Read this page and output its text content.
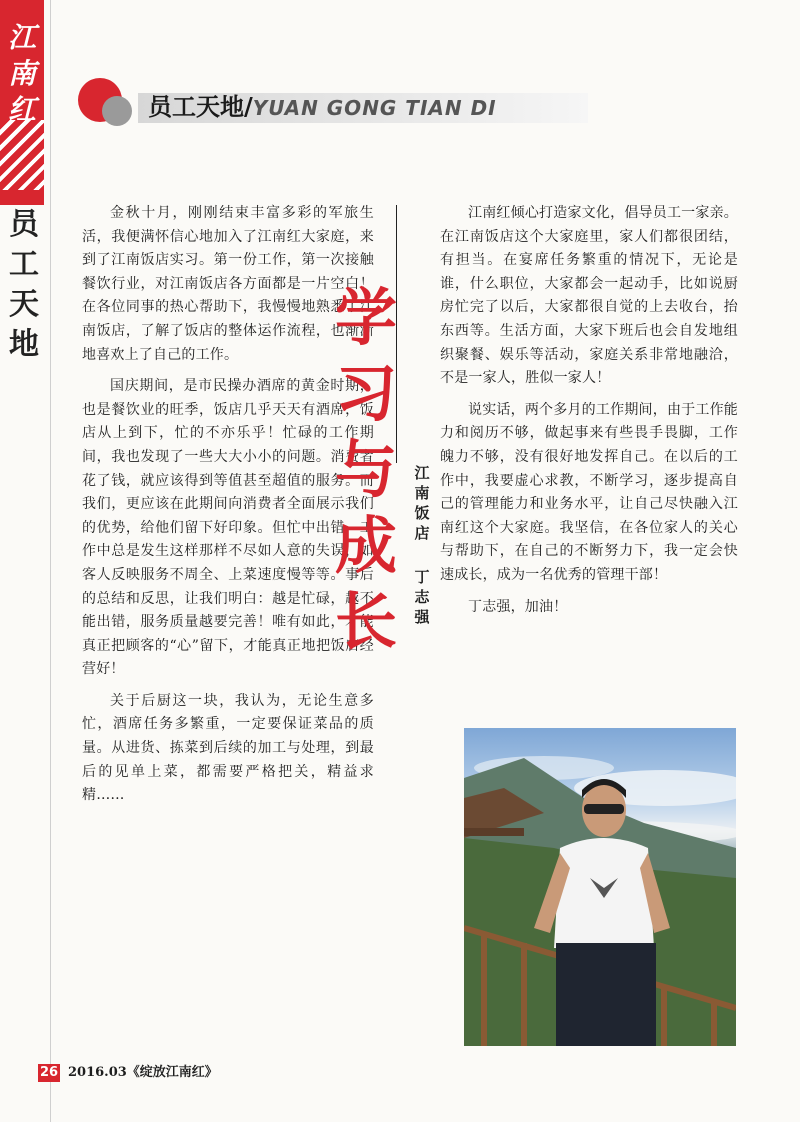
江
南
红
员
工
天
地
员工天地/YUAN GONG TIAN DI

金秋十月，刚刚结束丰富多彩的军旅生活，我便满怀信心地加入了江南红大家庭，来到了江南饭店实习。第一份工作，第一次接触餐饮行业，对江南饭店各方面都是一片空白！在各位同事的热心帮助下，我慢慢地熟悉了江南饭店，了解了饭店的整体运作流程，也渐渐地喜欢上了自己的工作。

国庆期间，是市民操办酒席的黄金时期，也是餐饮业的旺季，饭店几乎天天有酒席，饭店从上到下，忙的不亦乐乎！忙碌的工作期间，我也发现了一些大大小小的问题。消费者花了钱，就应该得到等值甚至超值的服务。而我们，更应该在此期间向消费者全面展示我们的优势，给他们留下好印象。但忙中出错，工作中总是发生这样那样不尽如人意的失误，如客人反映服务不周全、上菜速度慢等等。事后的总结和反思，让我们明白：越是忙碌，越不能出错，服务质量越要完善！唯有如此，才能真正把顾客的“心”留下，才能真正地把饭店经营好！

关于后厨这一块，我认为，无论生意多忙，酒席任务多繁重，一定要保证菜品的质量。从进货、拣菜到后续的加工与处理，到最后的见单上菜，都需要严格把关，精益求精……

学
习
与
成
长
江
南
饭
店
丁
志
强

江南红倾心打造家文化，倡导员工一家亲。在江南饭店这个大家庭里，家人们都很团结，有担当。在宴席任务繁重的情况下，无论是谁，什么职位，大家都会一起动手，比如说厨房忙完了以后，大家都很自觉的上去收台，抬东西等。生活方面，大家下班后也会自发地组织聚餐、娱乐等活动，家庭关系非常地融洽，不是一家人，胜似一家人！

说实话，两个多月的工作期间，由于工作能力和阅历不够，做起事来有些畏手畏脚，工作魄力不够，没有很好地发挥自己。在以后的工作中，我要虚心求教，不断学习，逐步提高自己的管理能力和业务水平，让自己尽快融入江南红这个大家庭。我坚信，在各位家人的关心与帮助下，在自己的不断努力下，我一定会快速成长，成为一名优秀的管理干部！

丁志强，加油！

26 2016.03《绽放江南红》
